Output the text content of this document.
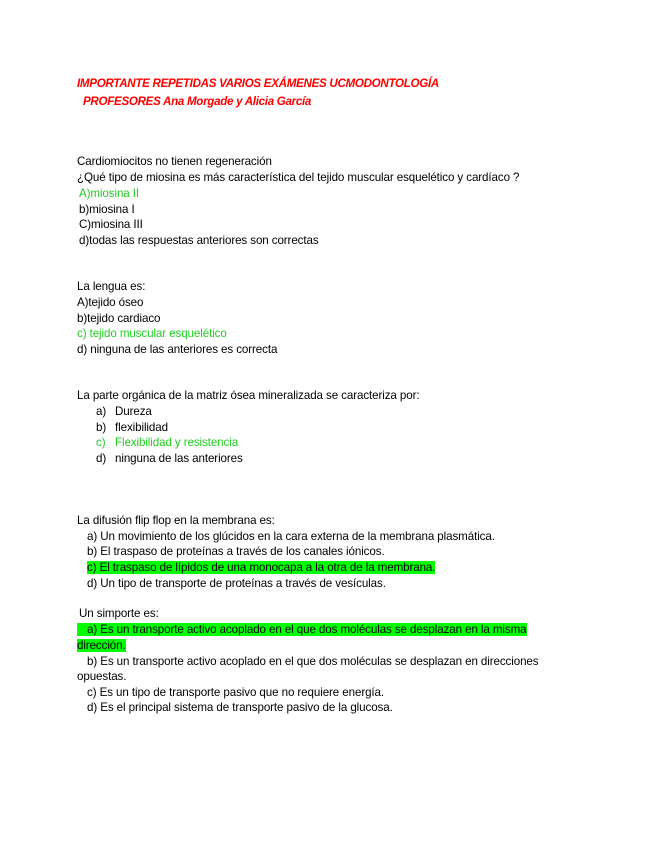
IMPORTANTE REPETIDAS VARIOS EXÁMENES UCMODONTOLOGÍA
PROFESORES Ana Morgade y Alicia García
Cardiomiocitos no tienen regeneración
¿Qué tipo de miosina es más característica del tejido muscular esquelético y cardíaco ?
A)miosina II
b)miosina I
C)miosina III
d)todas las respuestas anteriores son correctas
La lengua es:
A)tejido óseo
b)tejido cardiaco
c) tejido muscular esquelético
d) ninguna de las anteriores es correcta
La parte orgánica de la matriz ósea mineralizada se caracteriza por:
a) Dureza
b) flexibilidad
c) Flexibilidad y resistencia
d) ninguna de las anteriores
La difusión flip flop en la membrana es:
a) Un movimiento de los glúcidos en la cara externa de la membrana plasmática.
b) El traspaso de proteínas a través de los canales iónicos.
c) El traspaso de lípidos de una monocapa a la otra de la membrana.
d) Un tipo de transporte de proteínas a través de vesículas.
Un simporte es:
a) Es un transporte activo acoplado en el que dos moléculas se desplazan en la misma
dirección.
b) Es un transporte activo acoplado en el que dos moléculas se desplazan en direcciones
opuestas.
c) Es un tipo de transporte pasivo que no requiere energía.
d) Es el principal sistema de transporte pasivo de la glucosa.
